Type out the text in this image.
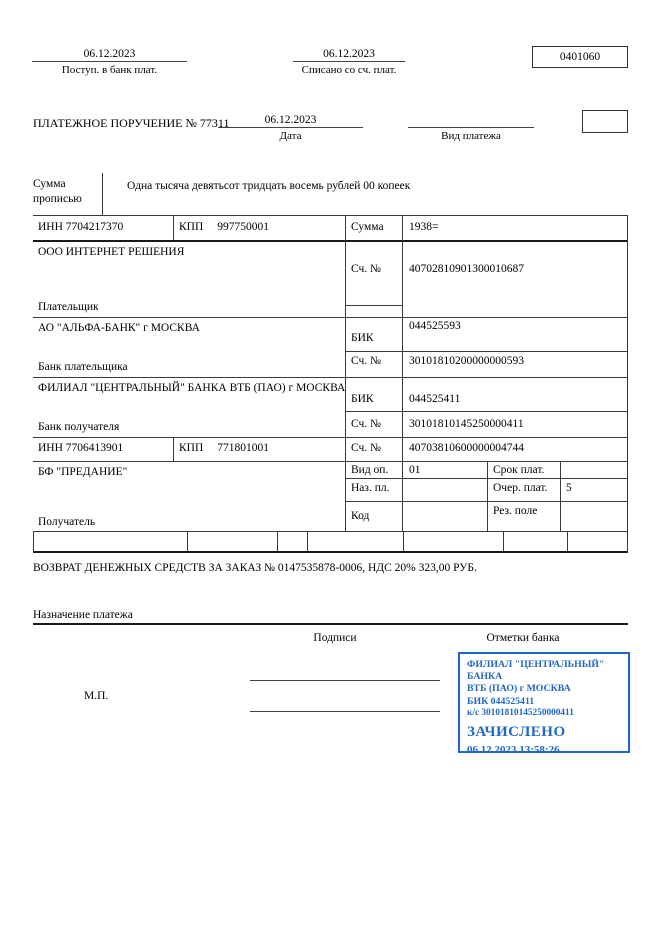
06.12.2023
Поступ. в банк плат.
06.12.2023
Списано со сч. плат.
0401060
ПЛАТЕЖНОЕ ПОРУЧЕНИЕ № 77311	06.12.2023
Дата
	Вид платежа
Сумма прописью
Одна тысяча девятьсот тридцать восемь рублей 00 копеек
ИНН 7704217370	КПП 997750001	Сумма 1938=
ООО ИНТЕРНЕТ РЕШЕНИЯ
Плательщик
Сч. № 40702810901300010687
АО "АЛЬФА-БАНК" г МОСКВА
Банк плательщика
БИК
044525593
Сч. № 30101810200000000593
ФИЛИАЛ "ЦЕНТРАЛЬНЫЙ" БАНКА ВТБ (ПАО) г МОСКВА
Банк получателя
БИК	044525411
Сч. № 30101810145250000411
ИНН 7706413901	КПП 771801001	Сч. № 40703810600000004744
БФ "ПРЕДАНИЕ"
Получатель
Вид оп. 01	Срок плат.
Наз. пл.	Очер. плат. 5
Код	Рез. поле
ВОЗВРАТ ДЕНЕЖНЫХ СРЕДСТВ ЗА ЗАКАЗ № 0147535878-0006, НДС 20% 323,00 РУБ.
Назначение платежа
Подписи	Отметки банка
М.П.
ФИЛИАЛ "ЦЕНТРАЛЬНЫЙ" БАНКА
ВТБ (ПАО) г МОСКВА
БИК 044525411
к/с 30101810145250000411
ЗАЧИСЛЕНО
06.12.2023 13:58:26
